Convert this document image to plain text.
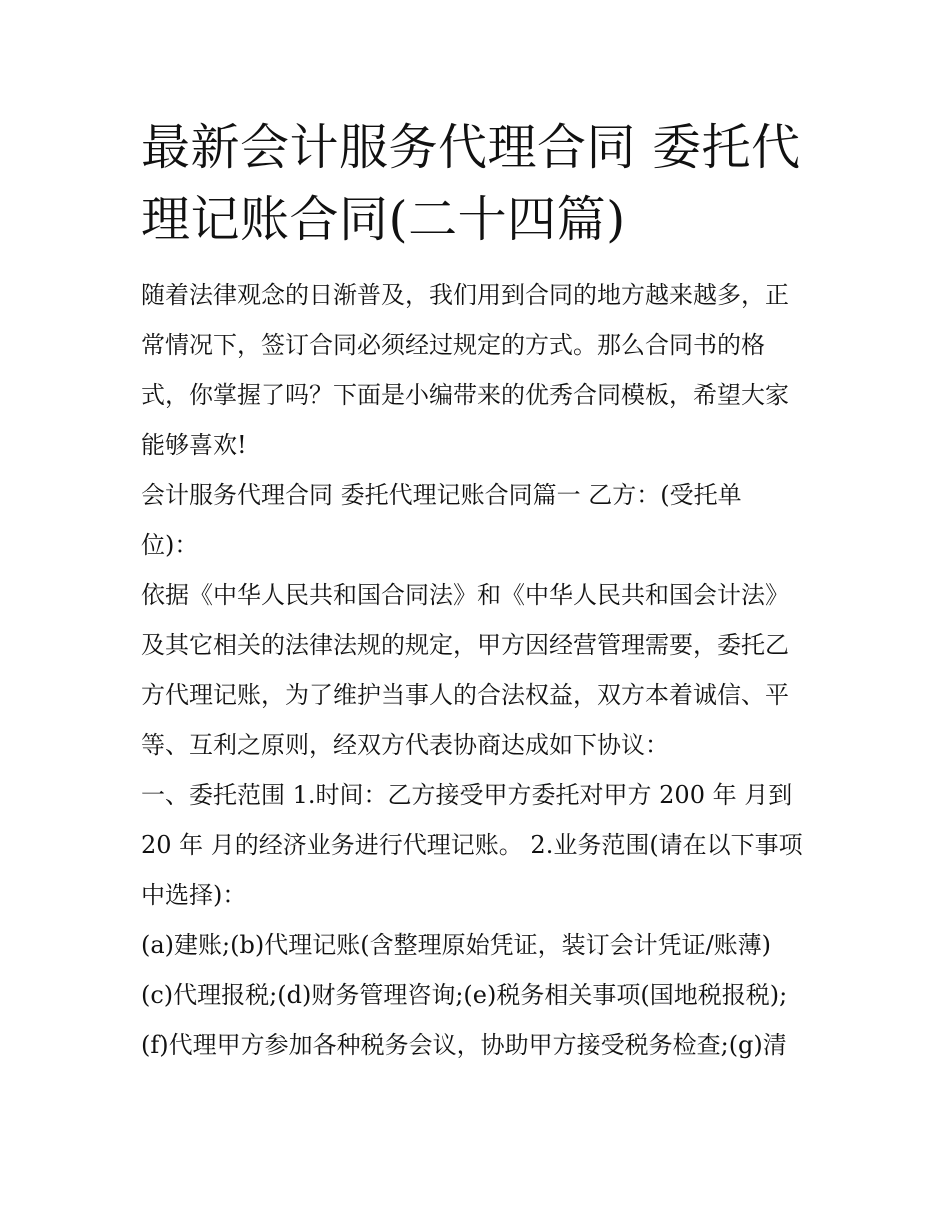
最新会计服务代理合同 委托代
理记账合同(二十四篇)

随着法律观念的日渐普及，我们用到合同的地方越来越多，正
常情况下，签订合同必须经过规定的方式。那么合同书的格
式，你掌握了吗？下面是小编带来的优秀合同模板，希望大家
能够喜欢!

会计服务代理合同 委托代理记账合同篇一 乙方：(受托单
位)：

依据《中华人民共和国合同法》和《中华人民共和国会计法》
及其它相关的法律法规的规定，甲方因经营管理需要，委托乙
方代理记账，为了维护当事人的合法权益，双方本着诚信、平
等、互利之原则，经双方代表协商达成如下协议：

一、委托范围 1.时间：乙方接受甲方委托对甲方 200 年 月到
20 年 月的经济业务进行代理记账。 2.业务范围(请在以下事项
中选择)：

(a)建账;(b)代理记账(含整理原始凭证，装订会计凭证/账薄)
(c)代理报税;(d)财务管理咨询;(e)税务相关事项(国地税报税);
(f)代理甲方参加各种税务会议，协助甲方接受税务检查;(g)清
